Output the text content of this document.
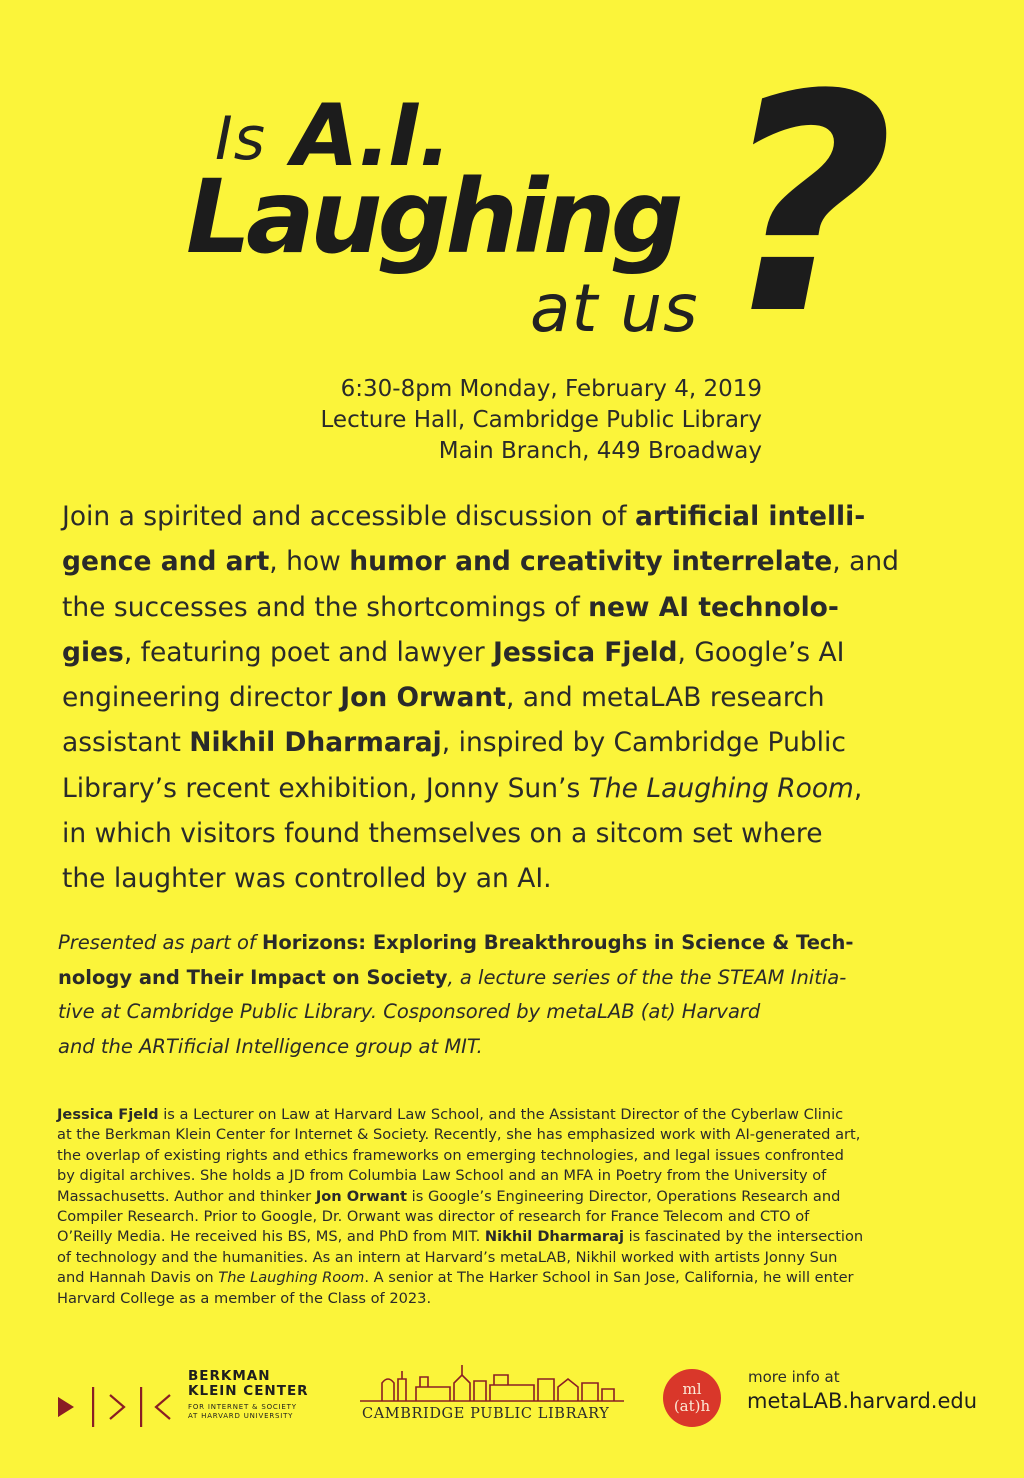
Is A.I.
Laughing
at us ?
6:30-8pm Monday, February 4, 2019
Lecture Hall, Cambridge Public Library
Main Branch, 449 Broadway
Join a spirited and accessible discussion of artificial intelli-
gence and art, how humor and creativity interrelate, and
the successes and the shortcomings of new AI technolo-
gies, featuring poet and lawyer Jessica Fjeld, Google’s AI
engineering director Jon Orwant, and metaLAB research
assistant Nikhil Dharmaraj, inspired by Cambridge Public
Library’s recent exhibition, Jonny Sun’s The Laughing Room,
in which visitors found themselves on a sitcom set where
the laughter was controlled by an AI.
Presented as part of Horizons: Exploring Breakthroughs in Science & Tech-
nology and Their Impact on Society, a lecture series of the the STEAM Initia-
tive at Cambridge Public Library. Cosponsored by metaLAB (at) Harvard
and the ARTificial Intelligence group at MIT.
Jessica Fjeld is a Lecturer on Law at Harvard Law School, and the Assistant Director of the Cyberlaw Clinic
at the Berkman Klein Center for Internet & Society. Recently, she has emphasized work with AI-generated art,
the overlap of existing rights and ethics frameworks on emerging technologies, and legal issues confronted
by digital archives. She holds a JD from Columbia Law School and an MFA in Poetry from the University of
Massachusetts. Author and thinker Jon Orwant is Google’s Engineering Director, Operations Research and
Compiler Research. Prior to Google, Dr. Orwant was director of research for France Telecom and CTO of
O’Reilly Media. He received his BS, MS, and PhD from MIT. Nikhil Dharmaraj is fascinated by the intersection
of technology and the humanities. As an intern at Harvard’s metaLAB, Nikhil worked with artists Jonny Sun
and Hannah Davis on The Laughing Room. A senior at The Harker School in San Jose, California, he will enter
Harvard College as a member of the Class of 2023.
BERKMAN
KLEIN CENTER
FOR INTERNET & SOCIETY
AT HARVARD UNIVERSITY	CAMBRIDGE PUBLIC LIBRARY
ml
(at)h
more info at
metaLAB.harvard.edu
